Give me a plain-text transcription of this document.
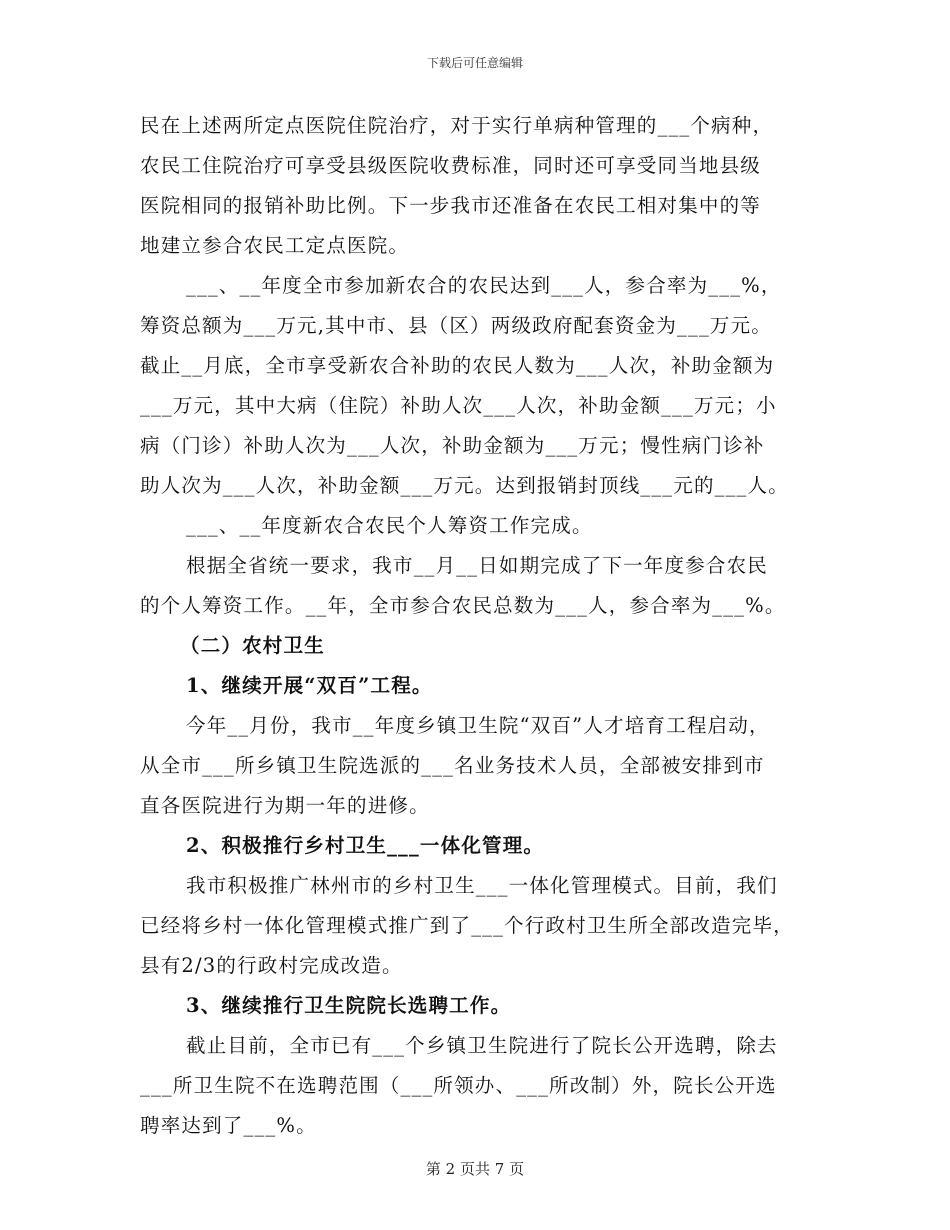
下载后可任意编辑
民在上述两所定点医院住院治疗，对于实行单病种管理的___个病种，
农民工住院治疗可享受县级医院收费标准，同时还可享受同当地县级
医院相同的报销补助比例。下一步我市还准备在农民工相对集中的等
地建立参合农民工定点医院。
___、__年度全市参加新农合的农民达到___人，参合率为___%，
筹资总额为___万元,其中市、县（区）两级政府配套资金为___万元。
截止__月底，全市享受新农合补助的农民人数为___人次，补助金额为
___万元，其中大病（住院）补助人次___人次，补助金额___万元；小
病（门诊）补助人次为___人次，补助金额为___万元；慢性病门诊补
助人次为___人次，补助金额___万元。达到报销封顶线___元的___人。
___、__年度新农合农民个人筹资工作完成。
根据全省统一要求，我市__月__日如期完成了下一年度参合农民
的个人筹资工作。__年，全市参合农民总数为___人，参合率为___%。
（二）农村卫生
1、继续开展“双百”工程。
今年__月份，我市__年度乡镇卫生院“双百”人才培育工程启动，
从全市___所乡镇卫生院选派的___名业务技术人员，全部被安排到市
直各医院进行为期一年的进修。
2、积极推行乡村卫生___一体化管理。
我市积极推广林州市的乡村卫生___一体化管理模式。目前，我们
已经将乡村一体化管理模式推广到了___个行政村卫生所全部改造完毕，
县有2/3的行政村完成改造。
3、继续推行卫生院院长选聘工作。
截止目前，全市已有___个乡镇卫生院进行了院长公开选聘，除去
___所卫生院不在选聘范围（___所领办、___所改制）外，院长公开选
聘率达到了___%。
第 2 页共 7 页
